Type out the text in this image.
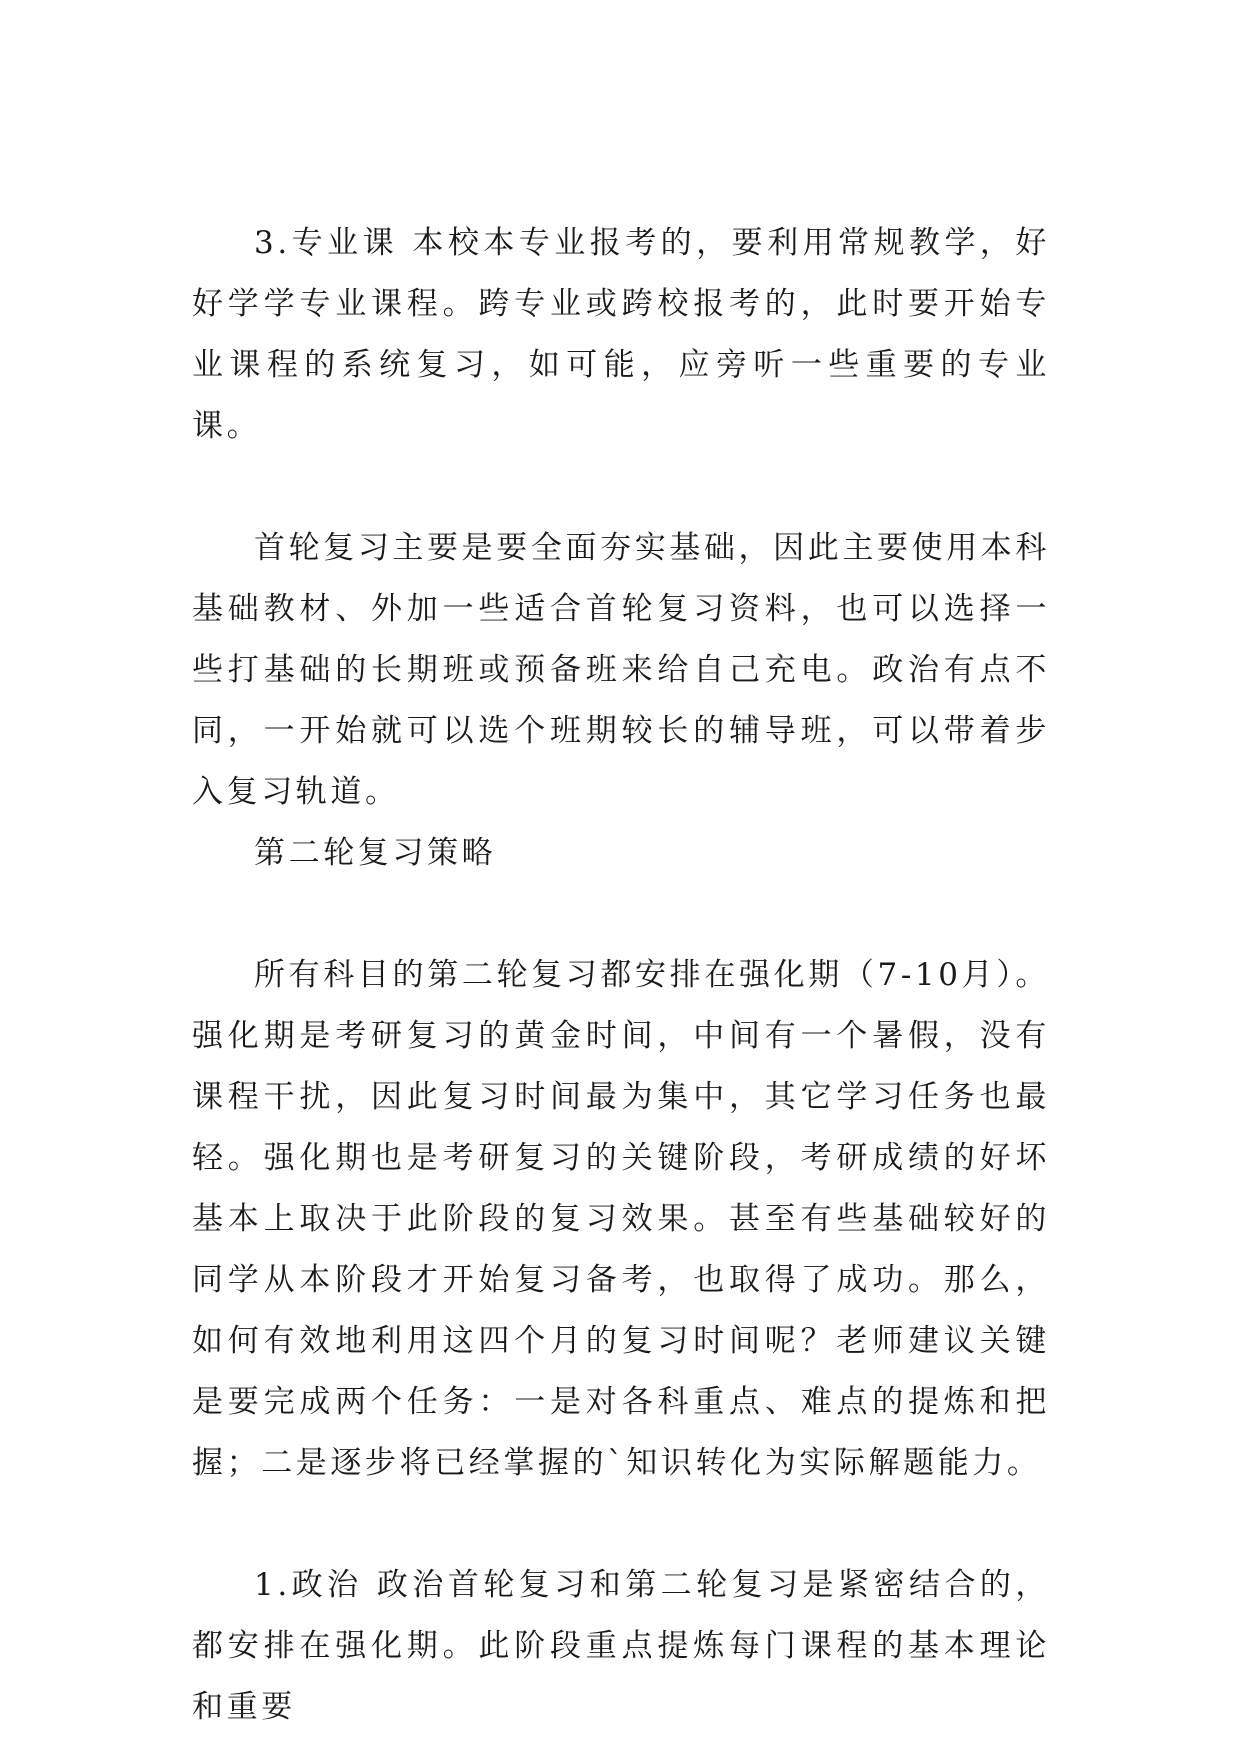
3.专业课 本校本专业报考的，要利用常规教学，好好学学专业课程。跨专业或跨校报考的，此时要开始专业课程的系统复习，如可能，应旁听一些重要的专业课。

首轮复习主要是要全面夯实基础，因此主要使用本科基础教材、外加一些适合首轮复习资料，也可以选择一些打基础的长期班或预备班来给自己充电。政治有点不同，一开始就可以选个班期较长的辅导班，可以带着步入复习轨道。

第二轮复习策略

所有科目的第二轮复习都安排在强化期（7-10月）。强化期是考研复习的黄金时间，中间有一个暑假，没有课程干扰，因此复习时间最为集中，其它学习任务也最轻。强化期也是考研复习的关键阶段，考研成绩的好坏基本上取决于此阶段的复习效果。甚至有些基础较好的同学从本阶段才开始复习备考，也取得了成功。那么，如何有效地利用这四个月的复习时间呢？老师建议关键是要完成两个任务：一是对各科重点、难点的提炼和把握；二是逐步将已经掌握的`知识转化为实际解题能力。

1.政治 政治首轮复习和第二轮复习是紧密结合的，都安排在强化期。此阶段重点提炼每门课程的基本理论和重要
